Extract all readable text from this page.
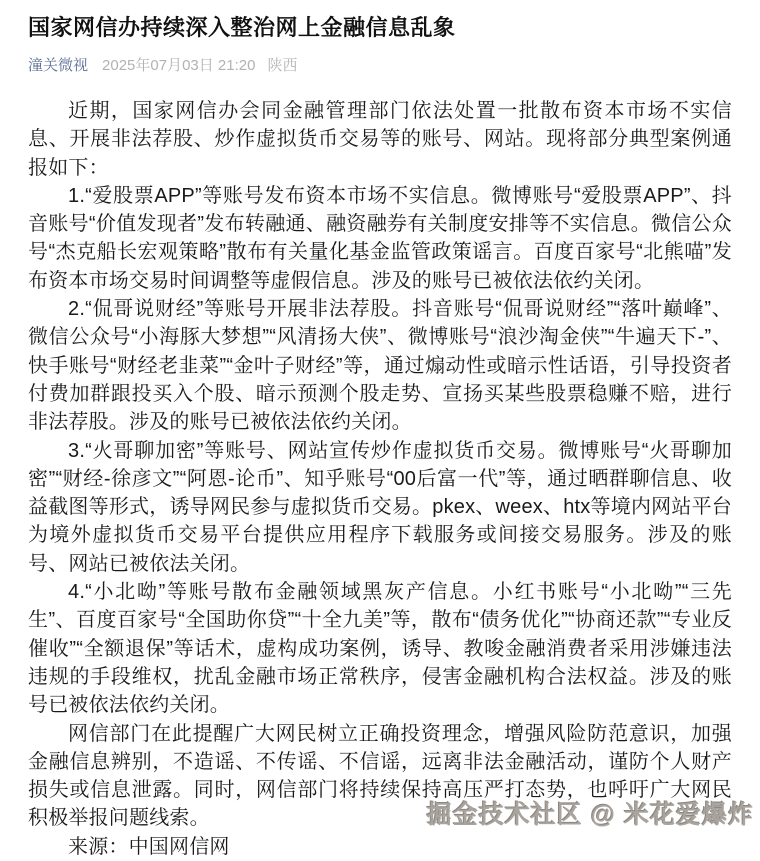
国家网信办持续深入整治网上金融信息乱象
潼关微视 2025年07月03日 21:20 陕西

近期，国家网信办会同金融管理部门依法处置一批散布资本市场不实信息、开展非法荐股、炒作虚拟货币交易等的账号、网站。现将部分典型案例通报如下：

1.“爱股票APP”等账号发布资本市场不实信息。微博账号“爱股票APP”、抖音账号“价值发现者”发布转融通、融资融券有关制度安排等不实信息。微信公众号“杰克船长宏观策略”散布有关量化基金监管政策谣言。百度百家号“北熊喵”发布资本市场交易时间调整等虚假信息。涉及的账号已被依法依约关闭。

2.“侃哥说财经”等账号开展非法荐股。抖音账号“侃哥说财经”“落叶巅峰”、微信公众号“小海豚大梦想”“风清扬大侠”、微博账号“浪沙淘金侠”“牛遍天下-”、快手账号“财经老韭菜”“金叶子财经”等，通过煽动性或暗示性话语，引导投资者付费加群跟投买入个股、暗示预测个股走势、宣扬买某些股票稳赚不赔，进行非法荐股。涉及的账号已被依法依约关闭。

3.“火哥聊加密”等账号、网站宣传炒作虚拟货币交易。微博账号“火哥聊加密”“财经-徐彦文”“阿恩-论币”、知乎账号“00后富一代”等，通过晒群聊信息、收益截图等形式，诱导网民参与虚拟货币交易。pkex、weex、htx等境内网站平台为境外虚拟货币交易平台提供应用程序下载服务或间接交易服务。涉及的账号、网站已被依法关闭。

4.“小北呦”等账号散布金融领域黑灰产信息。小红书账号“小北呦”“三先生”、百度百家号“全国助你贷”“十全九美”等，散布“债务优化”“协商还款”“专业反催收”“全额退保”等话术，虚构成功案例，诱导、教唆金融消费者采用涉嫌违法违规的手段维权，扰乱金融市场正常秩序，侵害金融机构合法权益。涉及的账号已被依法依约关闭。

网信部门在此提醒广大网民树立正确投资理念，增强风险防范意识，加强金融信息辨别，不造谣、不传谣、不信谣，远离非法金融活动，谨防个人财产损失或信息泄露。同时，网信部门将持续保持高压严打态势，也呼吁广大网民积极举报问题线索。

来源：中国网信网

掘金技术社区 @ 米花爱爆炸
